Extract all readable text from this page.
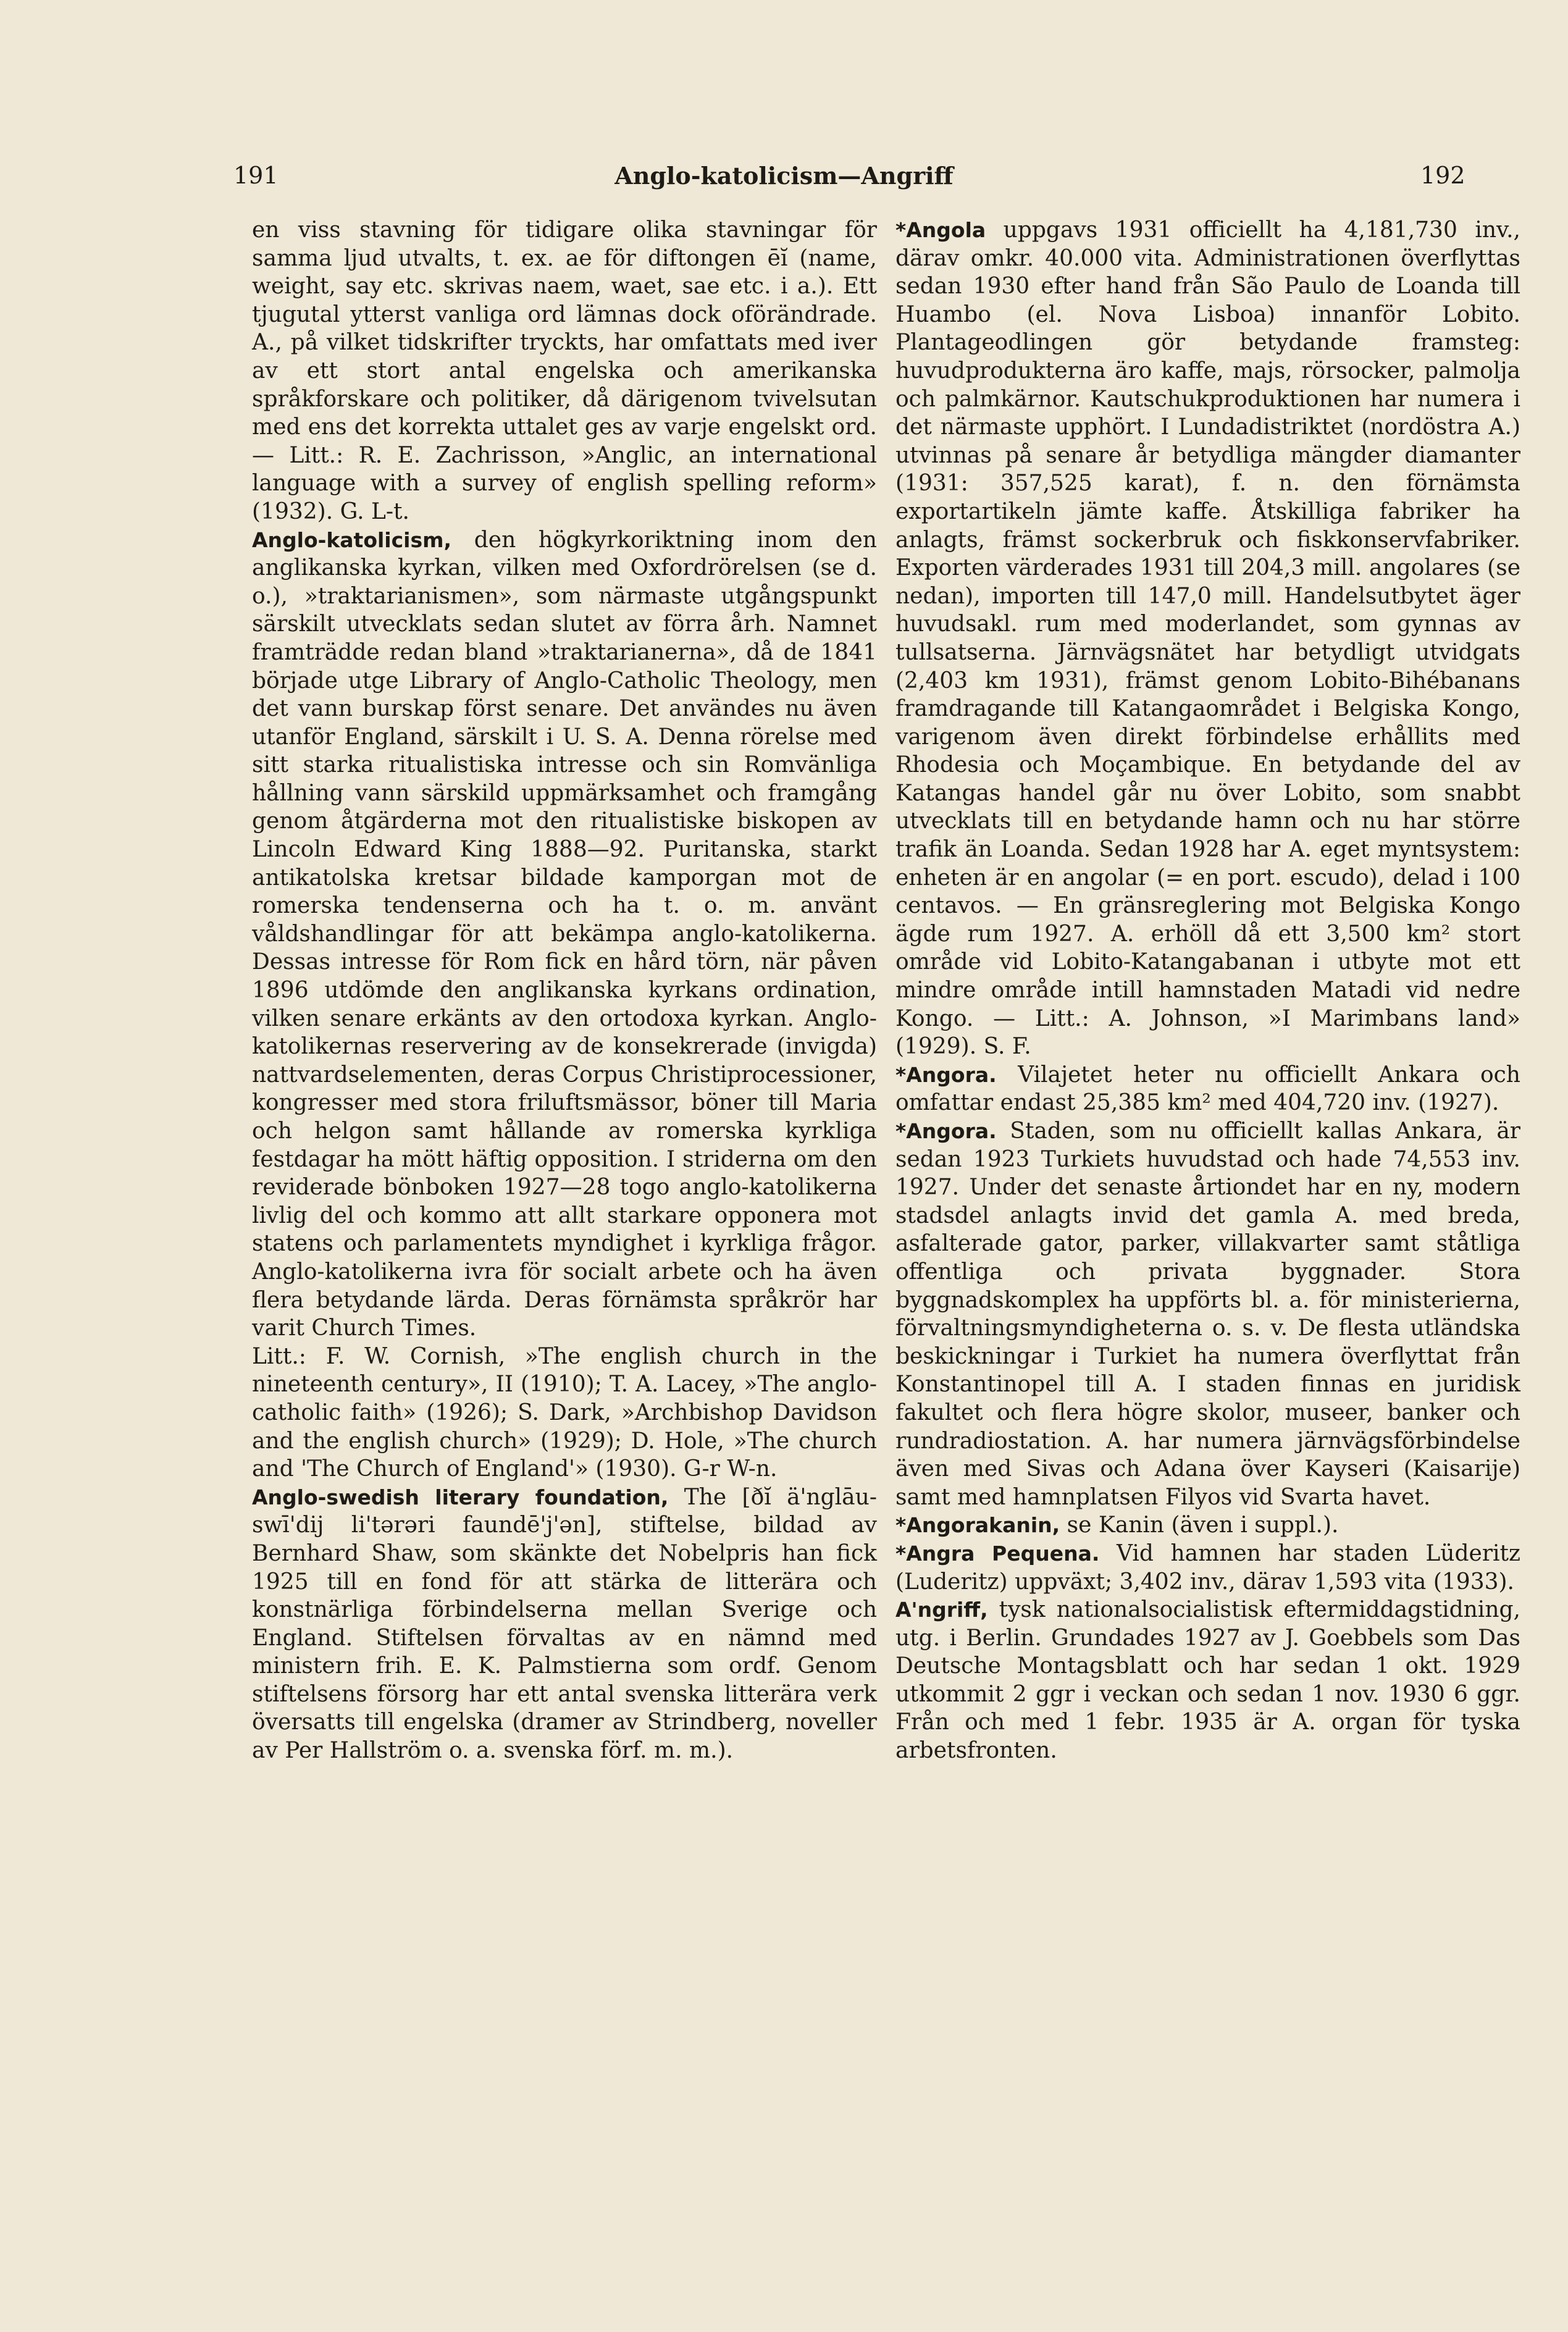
191	Anglo-katolicism—Angriff	192

en viss stavning för tidigare olika stavningar för samma ljud utvalts, t. ex. ae för diftongen ēĭ (name, weight, say etc. skrivas naem, waet, sae etc. i a.). Ett tjugutal ytterst vanliga ord lämnas dock oförändrade. A., på vilket tidskrifter tryckts, har omfattats med iver av ett stort antal engelska och amerikanska språkforskare och politiker, då därigenom tvivelsutan med ens det korrekta uttalet ges av varje engelskt ord. — Litt.: R. E. Zachrisson, »Anglic, an international language with a survey of english spelling reform» (1932). G. L-t.

Anglo-katolicism, den högkyrkoriktning inom den anglikanska kyrkan, vilken med Oxfordrörelsen (se d. o.), »traktarianismen», som närmaste utgångspunkt särskilt utvecklats sedan slutet av förra årh. Namnet framträdde redan bland »traktarianerna», då de 1841 började utge Library of Anglo-Catholic Theology, men det vann burskap först senare. Det användes nu även utanför England, särskilt i U. S. A. Denna rörelse med sitt starka ritualistiska intresse och sin Romvänliga hållning vann särskild uppmärksamhet och framgång genom åtgärderna mot den ritualistiske biskopen av Lincoln Edward King 1888—92. Puritanska, starkt antikatolska kretsar bildade kamporgan mot de romerska tendenserna och ha t. o. m. använt våldshandlingar för att bekämpa anglo-katolikerna. Dessas intresse för Rom fick en hård törn, när påven 1896 utdömde den anglikanska kyrkans ordination, vilken senare erkänts av den ortodoxa kyrkan. Anglo-katolikernas reservering av de konsekrerade (invigda) nattvardselementen, deras Corpus Christiprocessioner, kongresser med stora friluftsmässor, böner till Maria och helgon samt hållande av romerska kyrkliga festdagar ha mött häftig opposition. I striderna om den reviderade bönboken 1927—28 togo anglo-katolikerna livlig del och kommo att allt starkare opponera mot statens och parlamentets myndighet i kyrkliga frågor. Anglo-katolikerna ivra för socialt arbete och ha även flera betydande lärda. Deras förnämsta språkrör har varit Church Times.

Litt.: F. W. Cornish, »The english church in the nineteenth century», II (1910); T. A. Lacey, »The anglo-catholic faith» (1926); S. Dark, »Archbishop Davidson and the english church» (1929); D. Hole, »The church and 'The Church of England'» (1930). G-r W-n.

Anglo-swedish literary foundation, The [ðĭ ä'nglāu-swī'dij li'tərəri faundē'j'ən], stiftelse, bildad av Bernhard Shaw, som skänkte det Nobelpris han fick 1925 till en fond för att stärka de litterära och konstnärliga förbindelserna mellan Sverige och England. Stiftelsen förvaltas av en nämnd med ministern frih. E. K. Palmstierna som ordf. Genom stiftelsens försorg har ett antal svenska litterära verk översatts till engelska (dramer av Strindberg, noveller av Per Hallström o. a. svenska förf. m. m.).

*Angola uppgavs 1931 officiellt ha 4,181,730 inv., därav omkr. 40.000 vita. Administrationen överflyttas sedan 1930 efter hand från São Paulo de Loanda till Huambo (el. Nova Lisboa) innanför Lobito. Plantageodlingen gör betydande framsteg: huvudprodukterna äro kaffe, majs, rörsocker, palmolja och palmkärnor. Kautschukproduktionen har numera i det närmaste upphört. I Lundadistriktet (nordöstra A.) utvinnas på senare år betydliga mängder diamanter (1931: 357,525 karat), f. n. den förnämsta exportartikeln jämte kaffe. Åtskilliga fabriker ha anlagts, främst sockerbruk och fiskkonservfabriker. Exporten värderades 1931 till 204,3 mill. angolares (se nedan), importen till 147,0 mill. Handelsutbytet äger huvudsakl. rum med moderlandet, som gynnas av tullsatserna. Järnvägsnätet har betydligt utvidgats (2,403 km 1931), främst genom Lobito-Bihébanans framdragande till Katangaområdet i Belgiska Kongo, varigenom även direkt förbindelse erhållits med Rhodesia och Moçambique. En betydande del av Katangas handel går nu över Lobito, som snabbt utvecklats till en betydande hamn och nu har större trafik än Loanda. Sedan 1928 har A. eget myntsystem: enheten är en angolar (= en port. escudo), delad i 100 centavos. — En gränsreglering mot Belgiska Kongo ägde rum 1927. A. erhöll då ett 3,500 km² stort område vid Lobito-Katangabanan i utbyte mot ett mindre område intill hamnstaden Matadi vid nedre Kongo. — Litt.: A. Johnson, »I Marimbans land» (1929). S. F.

*Angora. Vilajetet heter nu officiellt Ankara och omfattar endast 25,385 km² med 404,720 inv. (1927).

*Angora. Staden, som nu officiellt kallas Ankara, är sedan 1923 Turkiets huvudstad och hade 74,553 inv. 1927. Under det senaste årtiondet har en ny, modern stadsdel anlagts invid det gamla A. med breda, asfalterade gator, parker, villakvarter samt ståtliga offentliga och privata byggnader. Stora byggnadskomplex ha uppförts bl. a. för ministerierna, förvaltningsmyndigheterna o. s. v. De flesta utländska beskickningar i Turkiet ha numera överflyttat från Konstantinopel till A. I staden finnas en juridisk fakultet och flera högre skolor, museer, banker och rundradiostation. A. har numera järnvägsförbindelse även med Sivas och Adana över Kayseri (Kaisarije) samt med hamnplatsen Filyos vid Svarta havet.

*Angorakanin, se Kanin (även i suppl.).

*Angra Pequena. Vid hamnen har staden Lüderitz (Luderitz) uppväxt; 3,402 inv., därav 1,593 vita (1933).

A'ngriff, tysk nationalsocialistisk eftermiddagstidning, utg. i Berlin. Grundades 1927 av J. Goebbels som Das Deutsche Montagsblatt och har sedan 1 okt. 1929 utkommit 2 ggr i veckan och sedan 1 nov. 1930 6 ggr. Från och med 1 febr. 1935 är A. organ för tyska arbetsfronten.
